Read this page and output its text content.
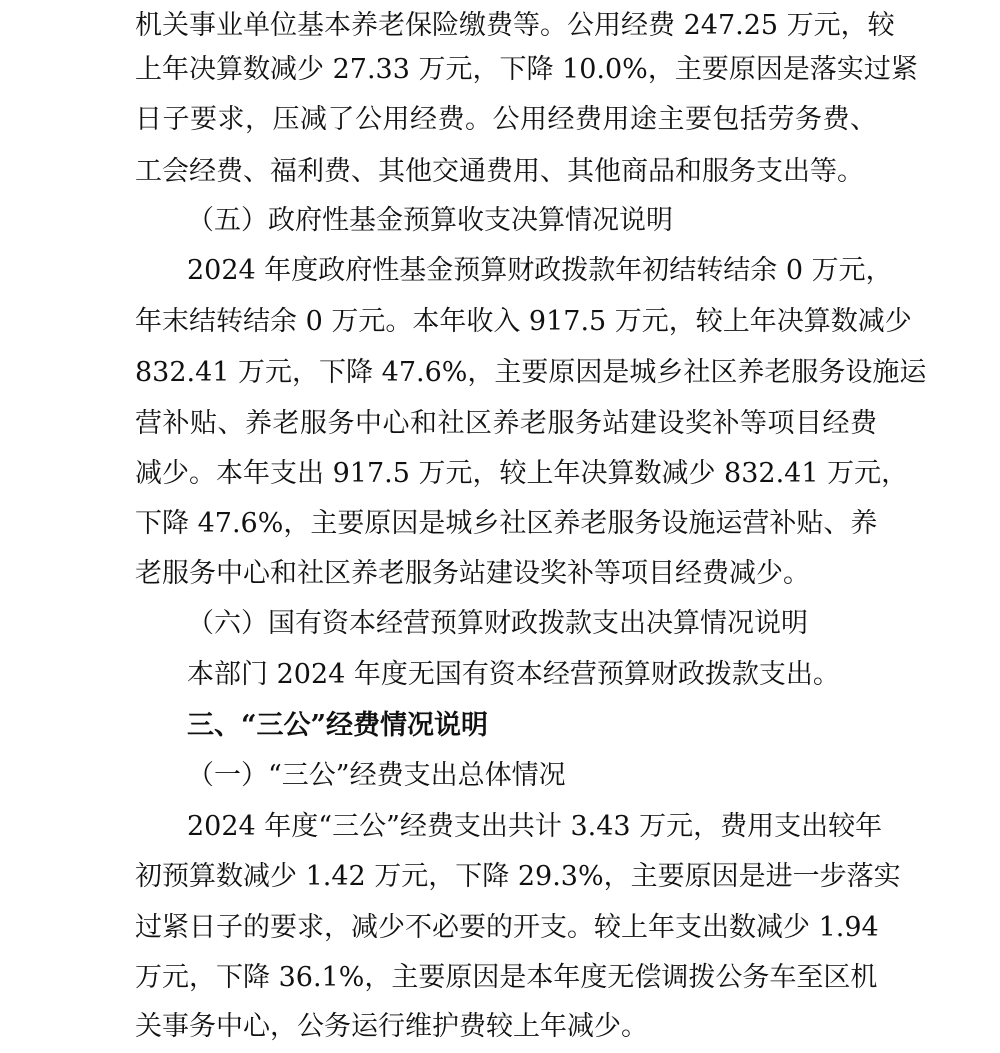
机关事业单位基本养老保险缴费等。公用经费 247.25 万元，较
上年决算数减少 27.33 万元，下降 10.0%，主要原因是落实过紧
日子要求，压减了公用经费。公用经费用途主要包括劳务费、
工会经费、福利费、其他交通费用、其他商品和服务支出等。
（五）政府性基金预算收支决算情况说明
2024 年度政府性基金预算财政拨款年初结转结余 0 万元，
年末结转结余 0 万元。本年收入 917.5 万元，较上年决算数减少
832.41 万元，下降 47.6%，主要原因是城乡社区养老服务设施运
营补贴、养老服务中心和社区养老服务站建设奖补等项目经费
减少。本年支出 917.5 万元，较上年决算数减少 832.41 万元，
下降 47.6%，主要原因是城乡社区养老服务设施运营补贴、养
老服务中心和社区养老服务站建设奖补等项目经费减少。
（六）国有资本经营预算财政拨款支出决算情况说明
本部门 2024 年度无国有资本经营预算财政拨款支出。
三、“三公”经费情况说明
（一）“三公”经费支出总体情况
2024 年度“三公”经费支出共计 3.43 万元，费用支出较年
初预算数减少 1.42 万元，下降 29.3%，主要原因是进一步落实
过紧日子的要求，减少不必要的开支。较上年支出数减少 1.94
万元，下降 36.1%，主要原因是本年度无偿调拨公务车至区机
关事务中心，公务运行维护费较上年减少。
